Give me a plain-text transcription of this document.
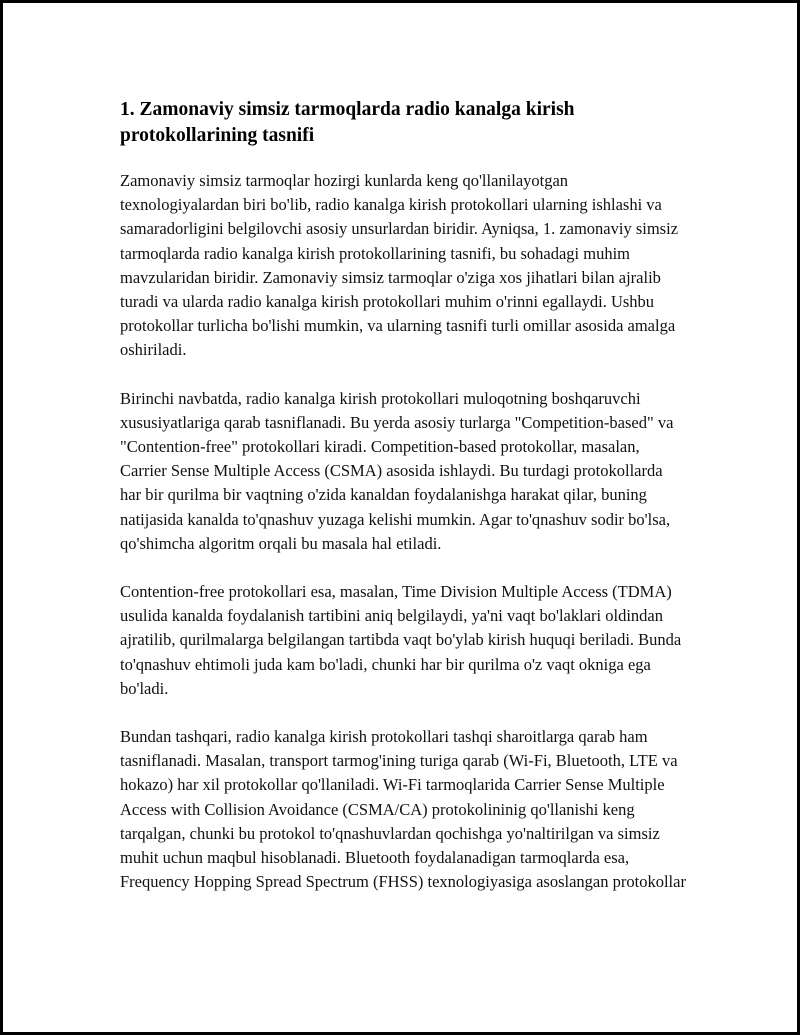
1. Zamonaviy simsiz tarmoqlarda radio kanalga kirish protokollarining tasnifi

Zamonaviy simsiz tarmoqlar hozirgi kunlarda keng qo'llanilayotgan texnologiyalardan biri bo'lib, radio kanalga kirish protokollari ularning ishlashi va samaradorligini belgilovchi asosiy unsurlardan biridir. Ayniqsa, 1. zamonaviy simsiz tarmoqlarda radio kanalga kirish protokollarining tasnifi, bu sohadagi muhim mavzularidan biridir. Zamonaviy simsiz tarmoqlar o'ziga xos jihatlari bilan ajralib turadi va ularda radio kanalga kirish protokollari muhim o'rinni egallaydi. Ushbu protokollar turlicha bo'lishi mumkin, va ularning tasnifi turli omillar asosida amalga oshiriladi.

Birinchi navbatda, radio kanalga kirish protokollari muloqotning boshqaruvchi xususiyatlariga qarab tasniflanadi. Bu yerda asosiy turlarga "Competition-based" va "Contention-free" protokollari kiradi. Competition-based protokollar, masalan, Carrier Sense Multiple Access (CSMA) asosida ishlaydi. Bu turdagi protokollarda har bir qurilma bir vaqtning o'zida kanaldan foydalanishga harakat qilar, buning natijasida kanalda to'qnashuv yuzaga kelishi mumkin. Agar to'qnashuv sodir bo'lsa, qo'shimcha algoritm orqali bu masala hal etiladi.

Contention-free protokollari esa, masalan, Time Division Multiple Access (TDMA) usulida kanalda foydalanish tartibini aniq belgilaydi, ya'ni vaqt bo'laklari oldindan ajratilib, qurilmalarga belgilangan tartibda vaqt bo'ylab kirish huquqi beriladi. Bunda to'qnashuv ehtimoli juda kam bo'ladi, chunki har bir qurilma o'z vaqt okniga ega bo'ladi.

Bundan tashqari, radio kanalga kirish protokollari tashqi sharoitlarga qarab ham tasniflanadi. Masalan, transport tarmog'ining turiga qarab (Wi-Fi, Bluetooth, LTE va hokazo) har xil protokollar qo'llaniladi. Wi-Fi tarmoqlarida Carrier Sense Multiple Access with Collision Avoidance (CSMA/CA) protokolininig qo'llanishi keng tarqalgan, chunki bu protokol to'qnashuvlardan qochishga yo'naltirilgan va simsiz muhit uchun maqbul hisoblanadi. Bluetooth foydalanadigan tarmoqlarda esa, Frequency Hopping Spread Spectrum (FHSS) texnologiyasiga asoslangan protokollar
